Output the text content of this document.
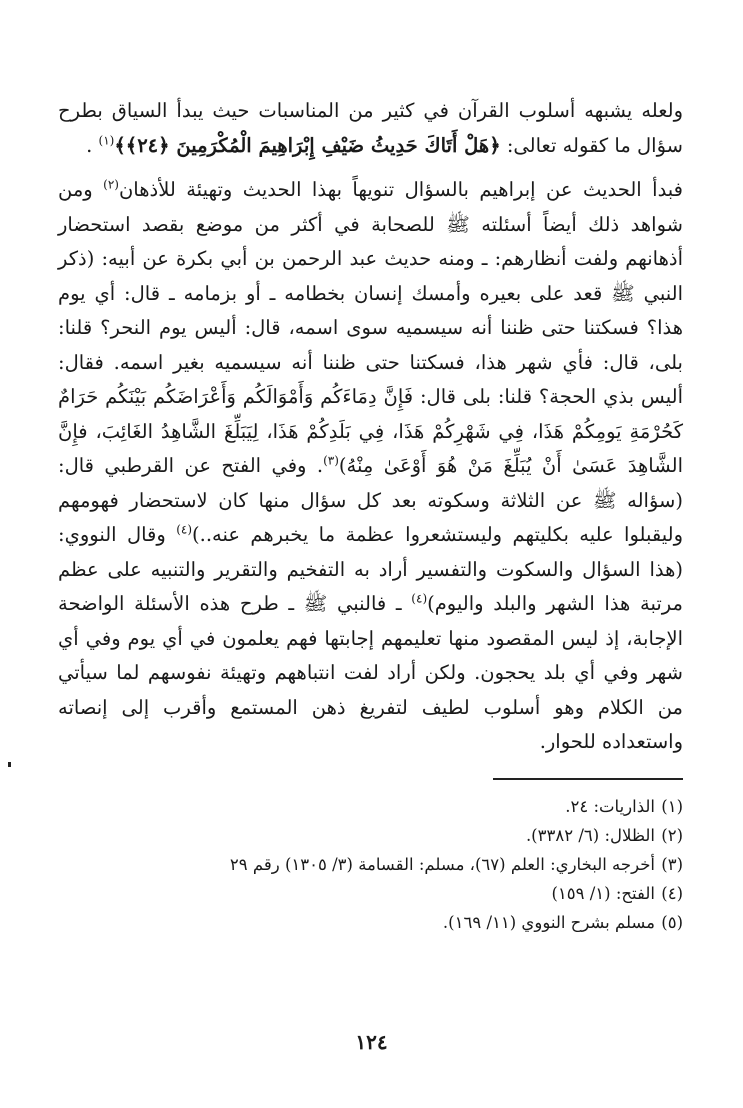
ولعله يشبهه أسلوب القرآن في كثير من المناسبات حيث يبدأ السياق بطرح سؤال ما كقوله تعالى: ﴿هَلْ أَتَاكَ حَدِيثُ ضَيْفِ إِبْرَاهِيمَ الْمُكْرَمِينَ ﴿٢٤﴾﴾$^{(١)}$ .

فبدأ الحديث عن إبراهيم بالسؤال تنويهاً بهذا الحديث وتهيئة للأذهان$^{(٢)}$ ومن شواهد ذلك أيضاً أسئلته ﷺ للصحابة في أكثر من موضع بقصد استحضار أذهانهم ولفت أنظارهم: ـ ومنه حديث عبد الرحمن بن أبي بكرة عن أبيه: (ذكر النبي ﷺ قعد على بعيره وأمسك إنسان بخطامه ـ أو بزمامه ـ قال: أي يوم هذا؟ فسكتنا حتى ظننا أنه سيسميه سوى اسمه، قال: أليس يوم النحر؟ قلنا: بلى، قال: فأي شهر هذا، فسكتنا حتى ظننا أنه سيسميه بغير اسمه. فقال: أليس بذي الحجة؟ قلنا: بلى قال: فَإِنَّ دِمَاءَكُم وَأَمْوَالَكُم وَأَعْرَاضَكُم بَيْنَكُم حَرَامٌ كَحُرْمَةِ يَومِكُمْ هَذَا، فِي شَهْرِكُمْ هَذَا، فِي بَلَدِكُمْ هَذَا، لِيَبَلِّغَ الشَّاهِدُ الغَائِبَ، فإِنَّ الشَّاهِدَ عَسَىٰ أَنْ يُبَلِّغَ مَنْ هُوَ أَوْعَىٰ مِنْهُ)$^{(٣)}$. وفي الفتح عن القرطبي قال: (سؤاله ﷺ عن الثلاثة وسكوته بعد كل سؤال منها كان لاستحضار فهومهم وليقبلوا عليه بكليتهم وليستشعروا عظمة ما يخبرهم عنه..)$^{(٤)}$ وقال النووي: (هذا السؤال والسكوت والتفسير أراد به التفخيم والتقرير والتنبيه على عظم مرتبة هذا الشهر والبلد واليوم)$^{(٤)}$ ـ فالنبي ﷺ ـ طرح هذه الأسئلة الواضحة الإجابة، إذ ليس المقصود منها تعليمهم إجابتها فهم يعلمون في أي يوم وفي أي شهر وفي أي بلد يحجون. ولكن أراد لفت انتباههم وتهيئة نفوسهم لما سيأتي من الكلام وهو أسلوب لطيف لتفريغ ذهن المستمع وأقرب إلى إنصاته واستعداده للحوار.

(١)الذاريات: ٢٤.
(٢)الظلال: (٦/ ٣٣٨٢).
(٣)أخرجه البخاري: العلم (٦٧)، مسلم: القسامة (٣/ ١٣٠٥) رقم ٢٩
(٤)الفتح: (١/ ١٥٩)
(٥)مسلم بشرح النووي (١١/ ١٦٩).
١٢٤
